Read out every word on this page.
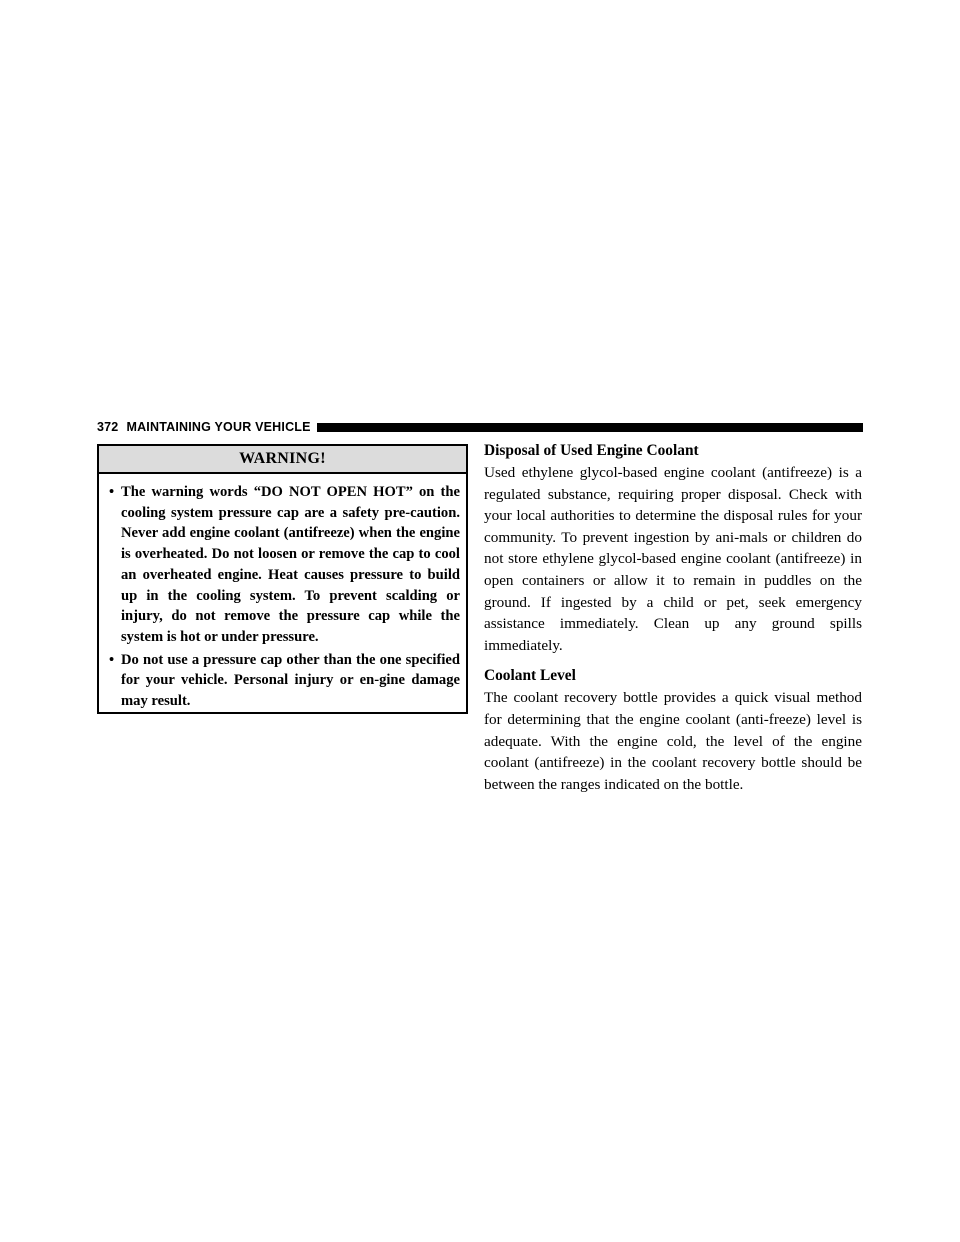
372 MAINTAINING YOUR VEHICLE
WARNING!
• The warning words “DO NOT OPEN HOT” on the cooling system pressure cap are a safety pre-caution. Never add engine coolant (antifreeze) when the engine is overheated. Do not loosen or remove the cap to cool an overheated engine. Heat causes pressure to build up in the cooling system. To prevent scalding or injury, do not remove the pressure cap while the system is hot or under pressure.
• Do not use a pressure cap other than the one specified for your vehicle. Personal injury or en-gine damage may result.
Disposal of Used Engine Coolant

Used ethylene glycol-based engine coolant (antifreeze) is a regulated substance, requiring proper disposal. Check with your local authorities to determine the disposal rules for your community. To prevent ingestion by ani-mals or children do not store ethylene glycol-based engine coolant (antifreeze) in open containers or allow it to remain in puddles on the ground. If ingested by a child or pet, seek emergency assistance immediately. Clean up any ground spills immediately.

Coolant Level

The coolant recovery bottle provides a quick visual method for determining that the engine coolant (anti-freeze) level is adequate. With the engine cold, the level of the engine coolant (antifreeze) in the coolant recovery bottle should be between the ranges indicated on the bottle.
